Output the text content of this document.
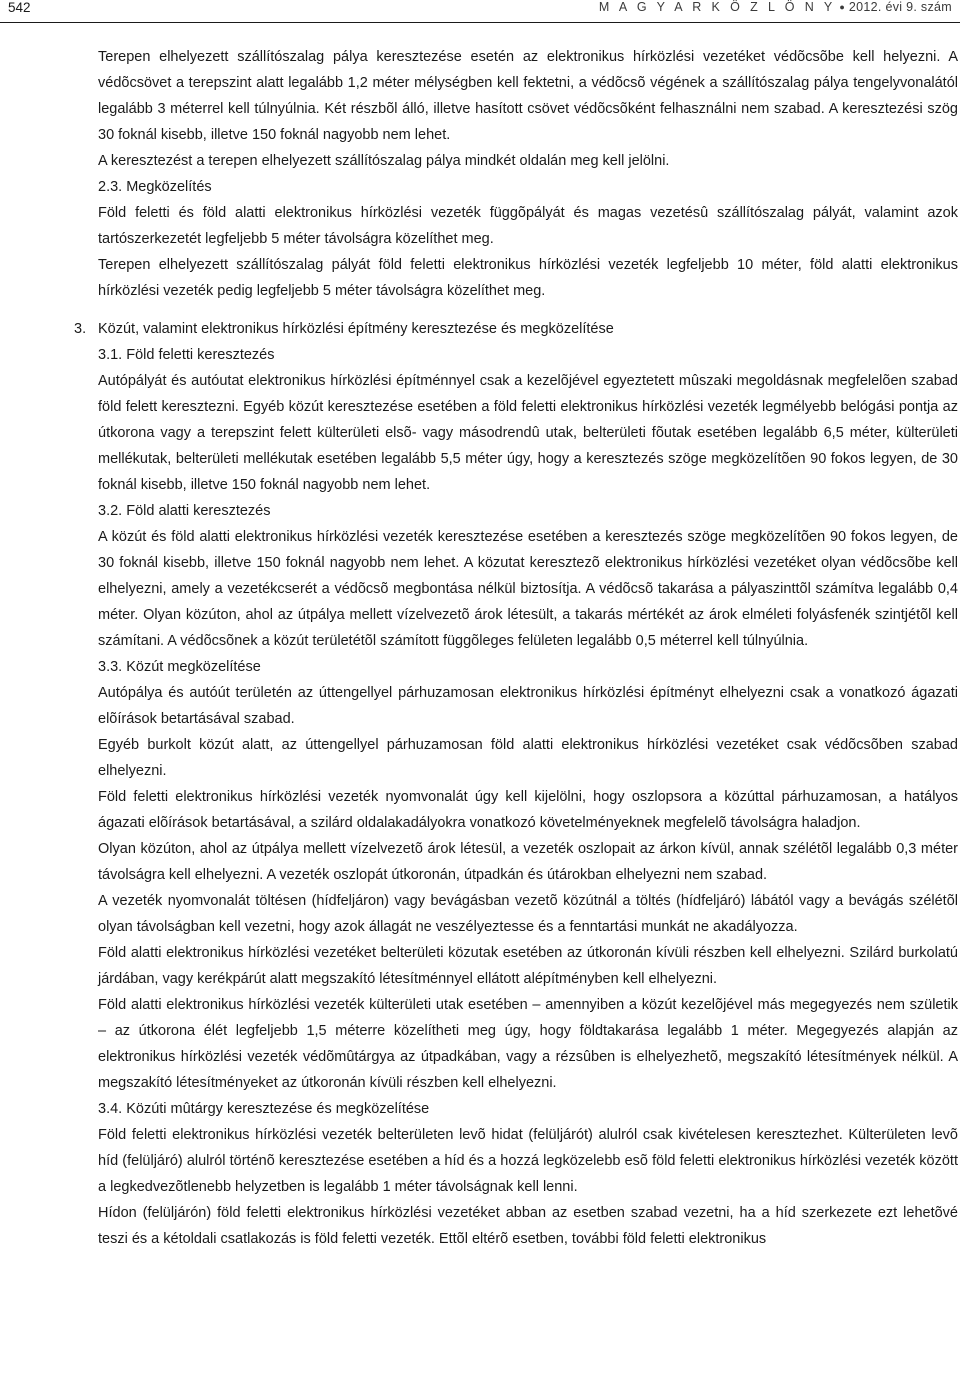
542	M A G Y A R K Ö Z L Ö N Y ● 2012. évi 9. szám

Terepen elhelyezett szállítószalag pálya keresztezése esetén az elektronikus hírközlési vezetéket védõcsõbe kell helyezni. A védõcsövet a terepszint alatt legalább 1,2 méter mélységben kell fektetni, a védõcsõ végének a szállítószalag pálya tengelyvonalától legalább 3 méterrel kell túlnyúlnia. Két részbõl álló, illetve hasított csövet védõcsõként felhasználni nem szabad. A keresztezési szög 30 foknál kisebb, illetve 150 foknál nagyobb nem lehet.

A keresztezést a terepen elhelyezett szállítószalag pálya mindkét oldalán meg kell jelölni.

2.3. Megközelítés

Föld feletti és föld alatti elektronikus hírközlési vezeték függõpályát és magas vezetésû szállítószalag pályát, valamint azok tartószerkezetét legfeljebb 5 méter távolságra közelíthet meg.

Terepen elhelyezett szállítószalag pályát föld feletti elektronikus hírközlési vezeték legfeljebb 10 méter, föld alatti elektronikus hírközlési vezeték pedig legfeljebb 5 méter távolságra közelíthet meg.

3. Közút, valamint elektronikus hírközlési építmény keresztezése és megközelítése

3.1. Föld feletti keresztezés

Autópályát és autóutat elektronikus hírközlési építménnyel csak a kezelõjével egyeztetett mûszaki megoldásnak megfelelõen szabad föld felett keresztezni. Egyéb közút keresztezése esetében a föld feletti elektronikus hírközlési vezeték legmélyebb belógási pontja az útkorona vagy a terepszint felett külterületi elsõ- vagy másodrendû utak, belterületi fõutak esetében legalább 6,5 méter, külterületi mellékutak, belterületi mellékutak esetében legalább 5,5 méter úgy, hogy a keresztezés szöge megközelítõen 90 fokos legyen, de 30 foknál kisebb, illetve 150 foknál nagyobb nem lehet.

3.2. Föld alatti keresztezés

A közút és föld alatti elektronikus hírközlési vezeték keresztezése esetében a keresztezés szöge megközelítõen 90 fokos legyen, de 30 foknál kisebb, illetve 150 foknál nagyobb nem lehet. A közutat keresztezõ elektronikus hírközlési vezetéket olyan védõcsõbe kell elhelyezni, amely a vezetékcserét a védõcsõ megbontása nélkül biztosítja. A védõcsõ takarása a pályaszinttõl számítva legalább 0,4 méter. Olyan közúton, ahol az útpálya mellett vízelvezetõ árok létesült, a takarás mértékét az árok elméleti folyásfenék szintjétõl kell számítani. A védõcsõnek a közút területétõl számított függõleges felületen legalább 0,5 méterrel kell túlnyúlnia.

3.3. Közút megközelítése

Autópálya és autóút területén az úttengellyel párhuzamosan elektronikus hírközlési építményt elhelyezni csak a vonatkozó ágazati elõírások betartásával szabad.

Egyéb burkolt közút alatt, az úttengellyel párhuzamosan föld alatti elektronikus hírközlési vezetéket csak védõcsõben szabad elhelyezni.

Föld feletti elektronikus hírközlési vezeték nyomvonalát úgy kell kijelölni, hogy oszlopsora a közúttal párhuzamosan, a hatályos ágazati elõírások betartásával, a szilárd oldalakadályokra vonatkozó követelményeknek megfelelõ távolságra haladjon.

Olyan közúton, ahol az útpálya mellett vízelvezetõ árok létesül, a vezeték oszlopait az árkon kívül, annak szélétõl legalább 0,3 méter távolságra kell elhelyezni. A vezeték oszlopát útkoronán, útpadkán és útárokban elhelyezni nem szabad.

A vezeték nyomvonalát töltésen (hídfeljáron) vagy bevágásban vezetõ közútnál a töltés (hídfeljáró) lábától vagy a bevágás szélétõl olyan távolságban kell vezetni, hogy azok állagát ne veszélyeztesse és a fenntartási munkát ne akadályozza.

Föld alatti elektronikus hírközlési vezetéket belterületi közutak esetében az útkoronán kívüli részben kell elhelyezni. Szilárd burkolatú járdában, vagy kerékpárút alatt megszakító létesítménnyel ellátott alépítményben kell elhelyezni.

Föld alatti elektronikus hírközlési vezeték külterületi utak esetében – amennyiben a közút kezelõjével más megegyezés nem születik – az útkorona élét legfeljebb 1,5 méterre közelítheti meg úgy, hogy földtakarása legalább 1 méter. Megegyezés alapján az elektronikus hírközlési vezeték védõmûtárgya az útpadkában, vagy a rézsûben is elhelyezhetõ, megszakító létesítmények nélkül. A megszakító létesítményeket az útkoronán kívüli részben kell elhelyezni.

3.4. Közúti mûtárgy keresztezése és megközelítése

Föld feletti elektronikus hírközlési vezeték belterületen levõ hidat (felüljárót) alulról csak kivételesen keresztezhet. Külterületen levõ híd (felüljáró) alulról történõ keresztezése esetében a híd és a hozzá legközelebb esõ föld feletti elektronikus hírközlési vezeték között a legkedvezõtlenebb helyzetben is legalább 1 méter távolságnak kell lenni.

Hídon (felüljárón) föld feletti elektronikus hírközlési vezetéket abban az esetben szabad vezetni, ha a híd szerkezete ezt lehetõvé teszi és a kétoldali csatlakozás is föld feletti vezeték. Ettõl eltérõ esetben, további föld feletti elektronikus
